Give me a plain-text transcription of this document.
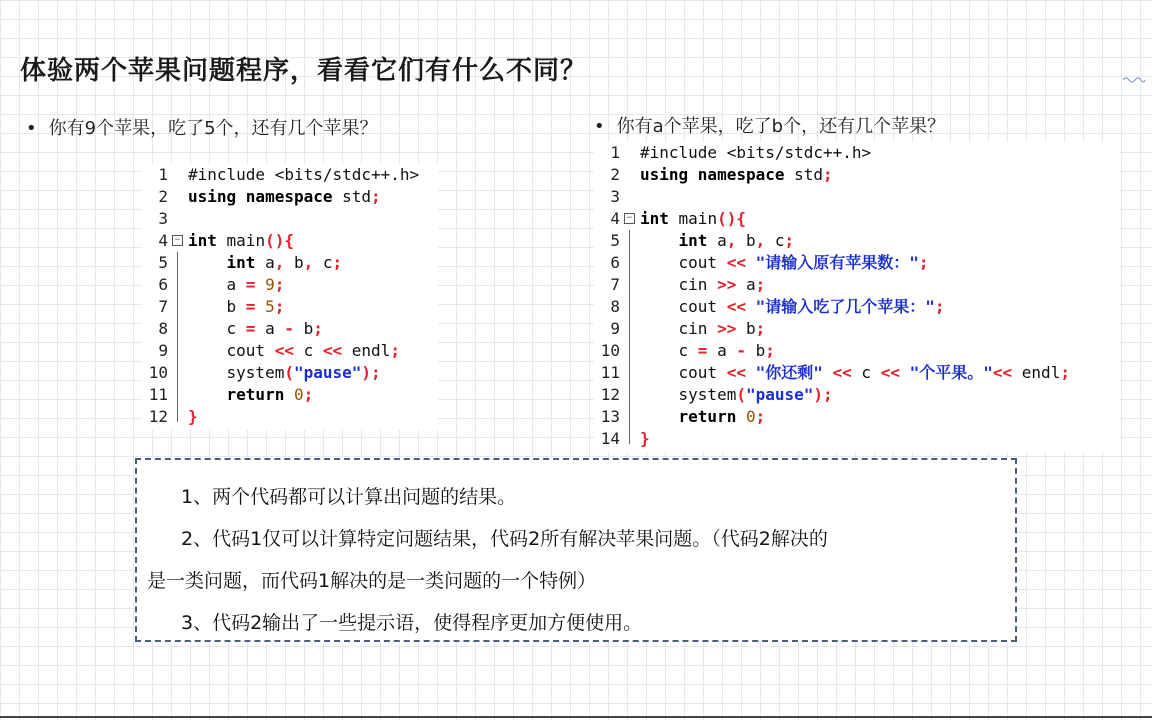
体验两个苹果问题程序，看看它们有什么不同？
• 你有9个苹果，吃了5个，还有几个苹果？	• 你有a个苹果，吃了b个，还有几个苹果？
1 #include <bits/stdc++.h>
2 using namespace std;
3
4 − int main(){
5	int a, b, c;
6 a = 9;
7 b = 5;
8 c = a - b;
9 cout << c << endl;
10 system("pause");
11	return 0;
12 }
1 #include <bits/stdc++.h>
2 using namespace std;
3
4 − int main(){
5	int a, b, c;
6 cout << "请输入原有苹果数：";
7 cin >> a;
8 cout << "请输入吃了几个苹果：";
9 cin >> b;
10 c = a - b;
11 cout << "你还剩" << c << "个平果。"<< endl;
12 system("pause");
13	return 0;
14 }
1、两个代码都可以计算出问题的结果。
2、代码1仅可以计算特定问题结果，代码2所有解决苹果问题。（代码2解决的
是一类问题，而代码1解决的是一类问题的一个特例）
3、代码2输出了一些提示语，使得程序更加方便使用。
